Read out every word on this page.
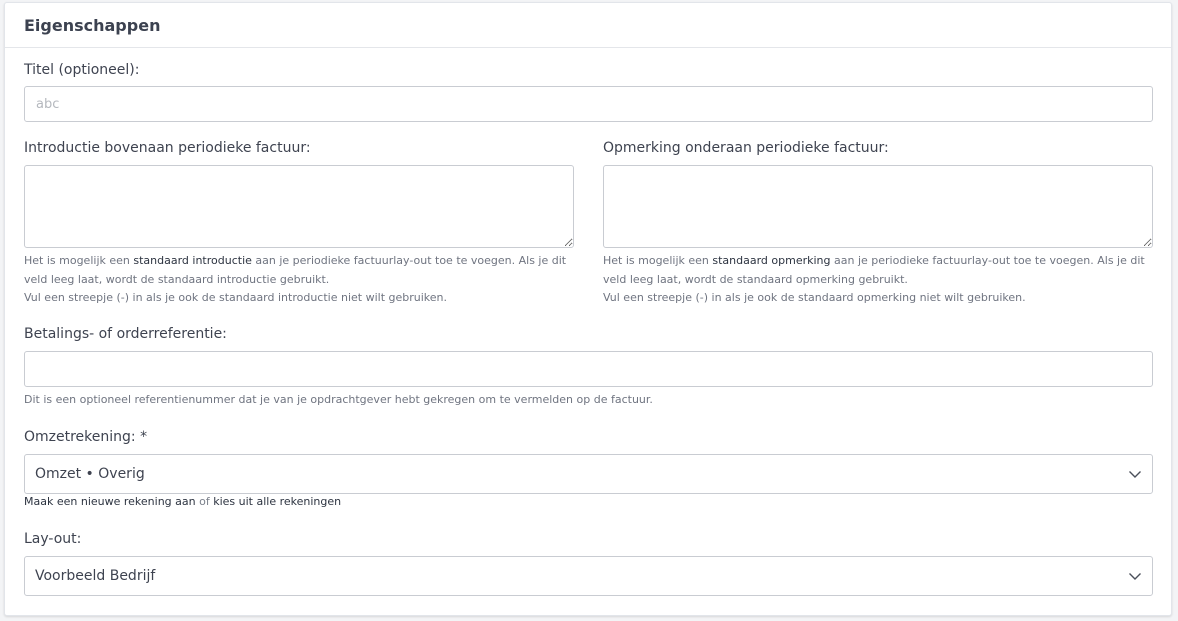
Eigenschappen
Titel (optioneel):
abc
Introductie bovenaan periodieke factuur:
Het is mogelijk een standaard introductie aan je periodieke factuurlay-out toe te voegen. Als je dit veld leeg laat, wordt de standaard introductie gebruikt.
Vul een streepje (-) in als je ook de standaard introductie niet wilt gebruiken.
Opmerking onderaan periodieke factuur:
Het is mogelijk een standaard opmerking aan je periodieke factuurlay-out toe te voegen. Als je dit veld leeg laat, wordt de standaard opmerking gebruikt.
Vul een streepje (-) in als je ook de standaard opmerking niet wilt gebruiken.
Betalings- of orderreferentie:
Dit is een optioneel referentienummer dat je van je opdrachtgever hebt gekregen om te vermelden op de factuur.
Omzetrekening: *
Omzet • Overig
Maak een nieuwe rekening aan of kies uit alle rekeningen
Lay-out:
Voorbeeld Bedrijf
